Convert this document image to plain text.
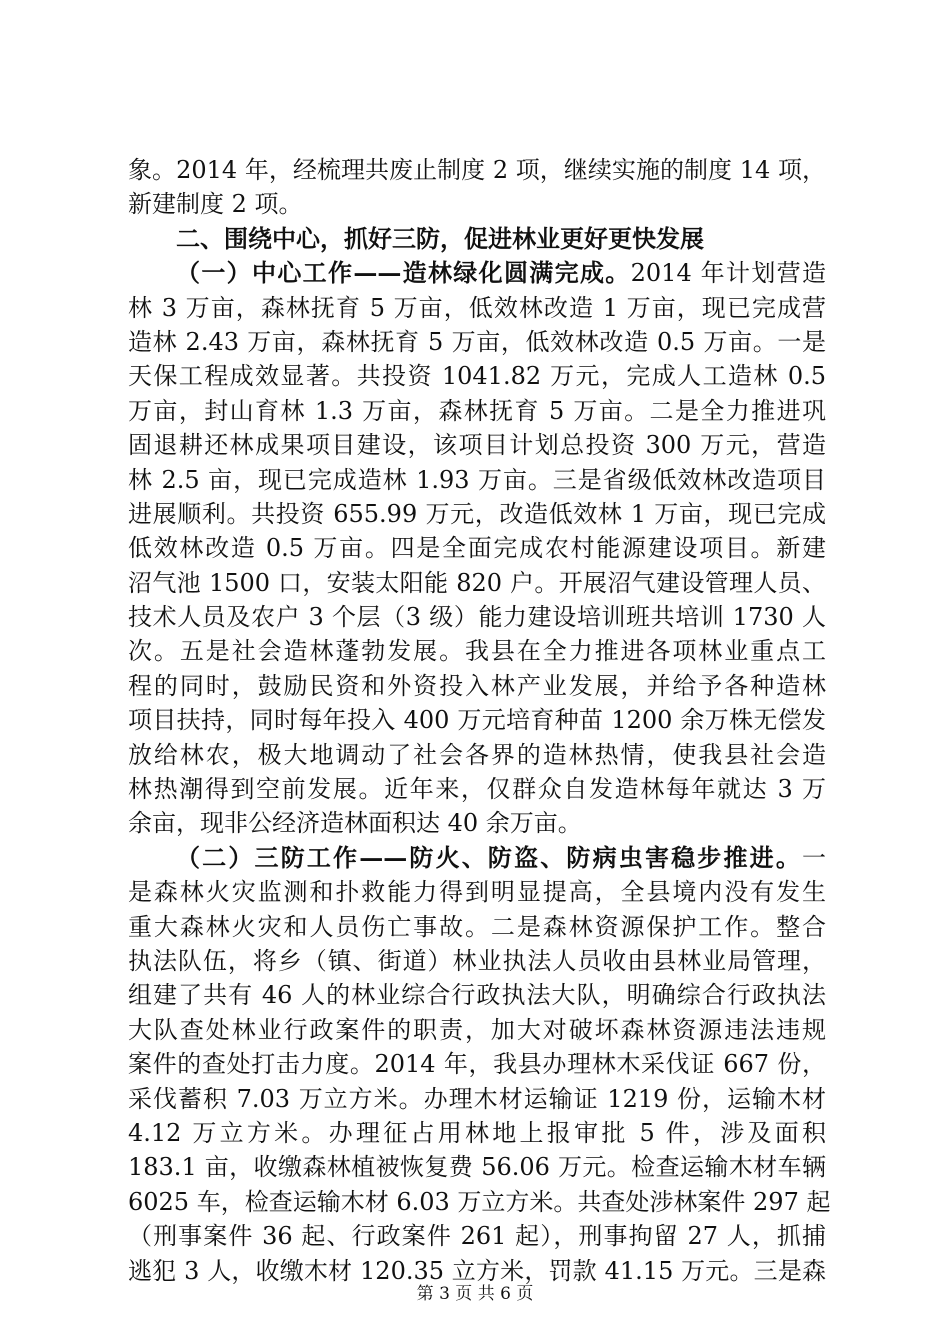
象。2014 年，经梳理共废止制度 2 项，继续实施的制度 14 项，
新建制度 2 项。
二、围绕中心，抓好三防，促进林业更好更快发展
（一）中心工作——造林绿化圆满完成。2014 年计划营造
林 3 万亩，森林抚育 5 万亩，低效林改造 1 万亩，现已完成营
造林 2.43 万亩，森林抚育 5 万亩，低效林改造 0.5 万亩。一是
天保工程成效显著。共投资 1041.82 万元，完成人工造林 0.5
万亩，封山育林 1.3 万亩，森林抚育 5 万亩。二是全力推进巩
固退耕还林成果项目建设，该项目计划总投资 300 万元，营造
林 2.5 亩，现已完成造林 1.93 万亩。三是省级低效林改造项目
进展顺利。共投资 655.99 万元，改造低效林 1 万亩，现已完成
低效林改造 0.5 万亩。四是全面完成农村能源建设项目。新建
沼气池 1500 口，安装太阳能 820 户。开展沼气建设管理人员、
技术人员及农户 3 个层（3 级）能力建设培训班共培训 1730 人
次。五是社会造林蓬勃发展。我县在全力推进各项林业重点工
程的同时，鼓励民资和外资投入林产业发展，并给予各种造林
项目扶持，同时每年投入 400 万元培育种苗 1200 余万株无偿发
放给林农，极大地调动了社会各界的造林热情，使我县社会造
林热潮得到空前发展。近年来，仅群众自发造林每年就达 3 万
余亩，现非公经济造林面积达 40 余万亩。
（二）三防工作——防火、防盗、防病虫害稳步推进。一
是森林火灾监测和扑救能力得到明显提高，全县境内没有发生
重大森林火灾和人员伤亡事故。二是森林资源保护工作。整合
执法队伍，将乡（镇、街道）林业执法人员收由县林业局管理，
组建了共有 46 人的林业综合行政执法大队，明确综合行政执法
大队查处林业行政案件的职责，加大对破坏森林资源违法违规
案件的查处打击力度。2014 年，我县办理林木采伐证 667 份，
采伐蓄积 7.03 万立方米。办理木材运输证 1219 份，运输木材
4.12 万立方米。办理征占用林地上报审批 5 件，涉及面积
183.1 亩，收缴森林植被恢复费 56.06 万元。检查运输木材车辆
6025 车，检查运输木材 6.03 万立方米。共查处涉林案件 297 起
（刑事案件 36 起、行政案件 261 起），刑事拘留 27 人，抓捕
逃犯 3 人，收缴木材 120.35 立方米，罚款 41.15 万元。三是森
第 3 页 共 6 页
